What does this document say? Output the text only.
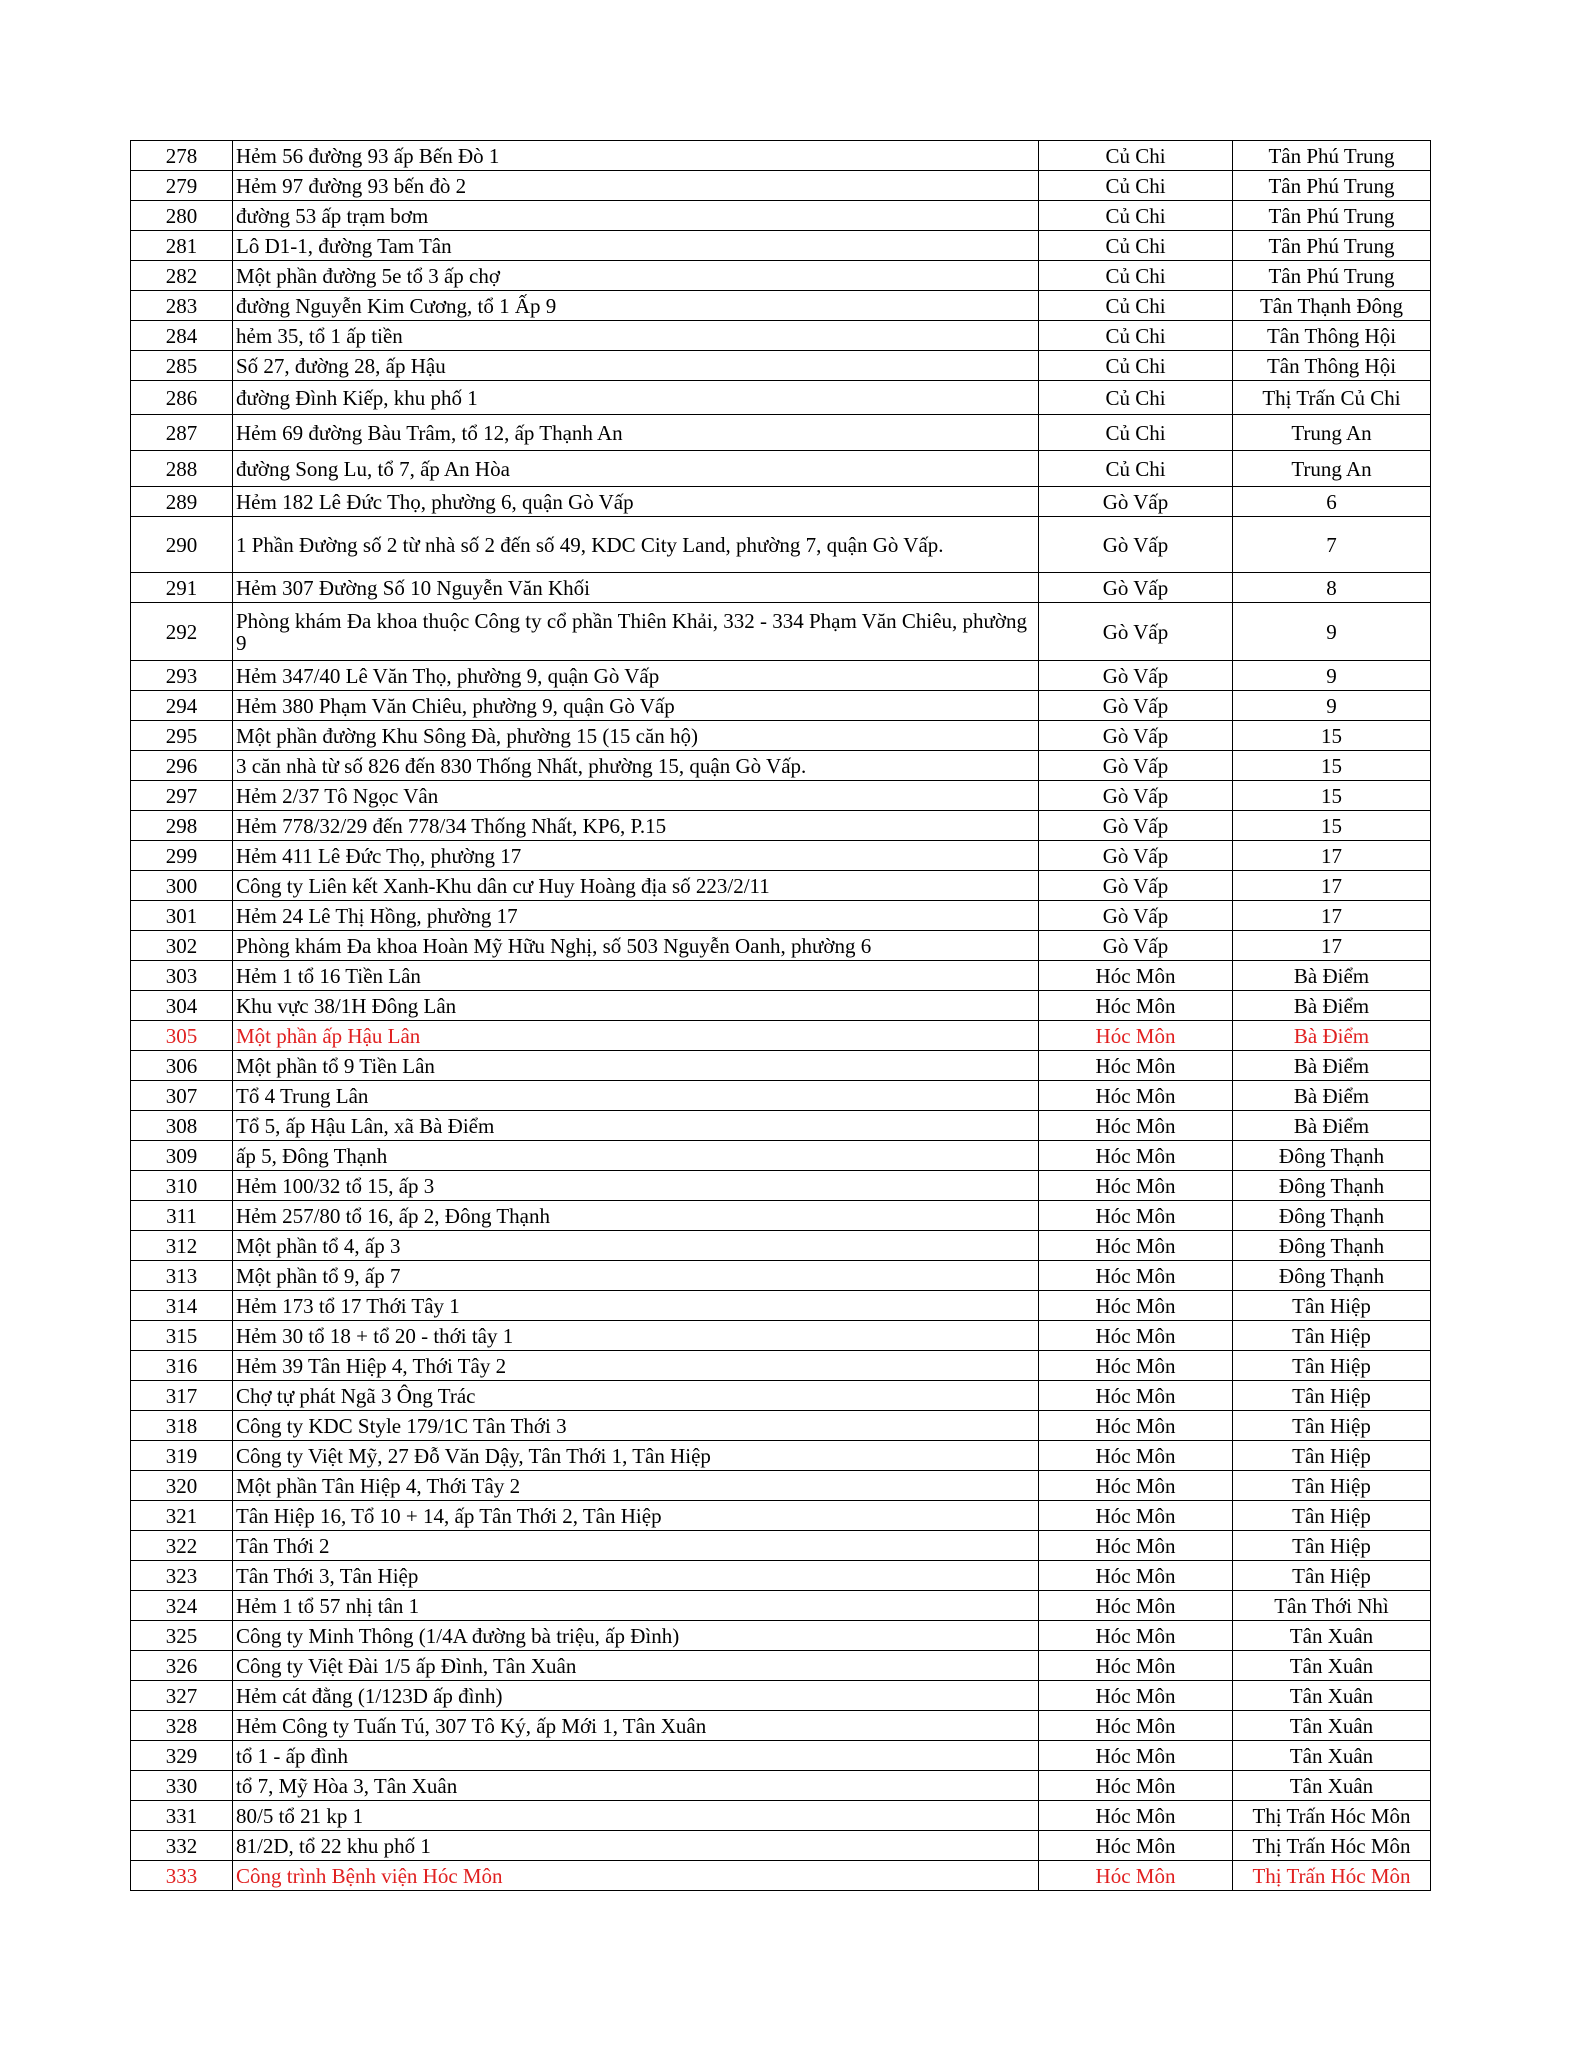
278	Hẻm 56 đường 93 ấp Bến Đò 1	Củ Chi	Tân Phú Trung
279	Hẻm 97 đường 93 bến đò 2	Củ Chi	Tân Phú Trung
280	đường 53 ấp trạm bơm	Củ Chi	Tân Phú Trung
281	Lô D1-1, đường Tam Tân	Củ Chi	Tân Phú Trung
282	Một phần đường 5e tổ 3 ấp chợ	Củ Chi	Tân Phú Trung
283	đường Nguyễn Kim Cương, tổ 1 Ấp 9	Củ Chi	Tân Thạnh Đông
284	hẻm 35, tổ 1 ấp tiền	Củ Chi	Tân Thông Hội
285	Số 27, đường 28, ấp Hậu	Củ Chi	Tân Thông Hội
286	đường Đình Kiếp, khu phố 1	Củ Chi	Thị Trấn Củ Chi
287	Hẻm 69 đường Bàu Trâm, tổ 12, ấp Thạnh An	Củ Chi	Trung An
288	đường Song Lu, tổ 7, ấp An Hòa	Củ Chi	Trung An
289	Hẻm 182 Lê Đức Thọ, phường 6, quận Gò Vấp	Gò Vấp	6
290	1 Phần Đường số 2 từ nhà số 2 đến số 49, KDC City Land, phường 7, quận Gò Vấp.	Gò Vấp	7
291	Hẻm 307 Đường Số 10 Nguyễn Văn Khối	Gò Vấp	8
292	Phòng khám Đa khoa thuộc Công ty cổ phần Thiên Khải, 332 - 334 Phạm Văn Chiêu, phường 9	Gò Vấp	9
293	Hẻm 347/40 Lê Văn Thọ, phường 9, quận Gò Vấp	Gò Vấp	9
294	Hẻm 380 Phạm Văn Chiêu, phường 9, quận Gò Vấp	Gò Vấp	9
295	Một phần đường Khu Sông Đà, phường 15 (15 căn hộ)	Gò Vấp	15
296	3 căn nhà từ số 826 đến 830 Thống Nhất, phường 15, quận Gò Vấp.	Gò Vấp	15
297	Hẻm 2/37 Tô Ngọc Vân	Gò Vấp	15
298	Hẻm 778/32/29 đến 778/34 Thống Nhất, KP6, P.15	Gò Vấp	15
299	Hẻm 411 Lê Đức Thọ, phường 17	Gò Vấp	17
300	Công ty Liên kết Xanh-Khu dân cư Huy Hoàng địa số 223/2/11	Gò Vấp	17
301	Hẻm 24 Lê Thị Hồng, phường 17	Gò Vấp	17
302	Phòng khám Đa khoa Hoàn Mỹ Hữu Nghị, số 503 Nguyễn Oanh, phường 6	Gò Vấp	17
303	Hẻm 1 tổ 16 Tiền Lân	Hóc Môn	Bà Điểm
304	Khu vực 38/1H Đông Lân	Hóc Môn	Bà Điểm
305	Một phần ấp Hậu Lân	Hóc Môn	Bà Điểm
306	Một phần tổ 9 Tiền Lân	Hóc Môn	Bà Điểm
307	Tổ 4 Trung Lân	Hóc Môn	Bà Điểm
308	Tổ 5, ấp Hậu Lân, xã Bà Điểm	Hóc Môn	Bà Điểm
309	ấp 5, Đông Thạnh	Hóc Môn	Đông Thạnh
310	Hẻm 100/32 tổ 15, ấp 3	Hóc Môn	Đông Thạnh
311	Hẻm 257/80 tổ 16, ấp 2, Đông Thạnh	Hóc Môn	Đông Thạnh
312	Một phần tổ 4, ấp 3	Hóc Môn	Đông Thạnh
313	Một phần tổ 9, ấp 7	Hóc Môn	Đông Thạnh
314	Hẻm 173 tổ 17 Thới Tây 1	Hóc Môn	Tân Hiệp
315	Hẻm 30 tổ 18 + tổ 20 - thới tây 1	Hóc Môn	Tân Hiệp
316	Hẻm 39 Tân Hiệp 4, Thới Tây 2	Hóc Môn	Tân Hiệp
317	Chợ tự phát Ngã 3 Ông Trác	Hóc Môn	Tân Hiệp
318	Công ty KDC Style 179/1C Tân Thới 3	Hóc Môn	Tân Hiệp
319	Công ty Việt Mỹ, 27 Đỗ Văn Dậy, Tân Thới 1, Tân Hiệp	Hóc Môn	Tân Hiệp
320	Một phần Tân Hiệp 4, Thới Tây 2	Hóc Môn	Tân Hiệp
321	Tân Hiệp 16, Tổ 10 + 14, ấp Tân Thới 2, Tân Hiệp	Hóc Môn	Tân Hiệp
322	Tân Thới 2	Hóc Môn	Tân Hiệp
323	Tân Thới 3, Tân Hiệp	Hóc Môn	Tân Hiệp
324	Hẻm 1 tổ 57 nhị tân 1	Hóc Môn	Tân Thới Nhì
325	Công ty Minh Thông (1/4A đường bà triệu, ấp Đình)	Hóc Môn	Tân Xuân
326	Công ty Việt Đài 1/5 ấp Đình, Tân Xuân	Hóc Môn	Tân Xuân
327	Hẻm cát đằng (1/123D ấp đình)	Hóc Môn	Tân Xuân
328	Hẻm Công ty Tuấn Tú, 307 Tô Ký, ấp Mới 1, Tân Xuân	Hóc Môn	Tân Xuân
329	tổ 1 - ấp đình	Hóc Môn	Tân Xuân
330	tổ 7, Mỹ Hòa 3, Tân Xuân	Hóc Môn	Tân Xuân
331	80/5 tổ 21 kp 1	Hóc Môn	Thị Trấn Hóc Môn
332	81/2D, tổ 22 khu phố 1	Hóc Môn	Thị Trấn Hóc Môn
333	Công trình Bệnh viện Hóc Môn	Hóc Môn	Thị Trấn Hóc Môn
